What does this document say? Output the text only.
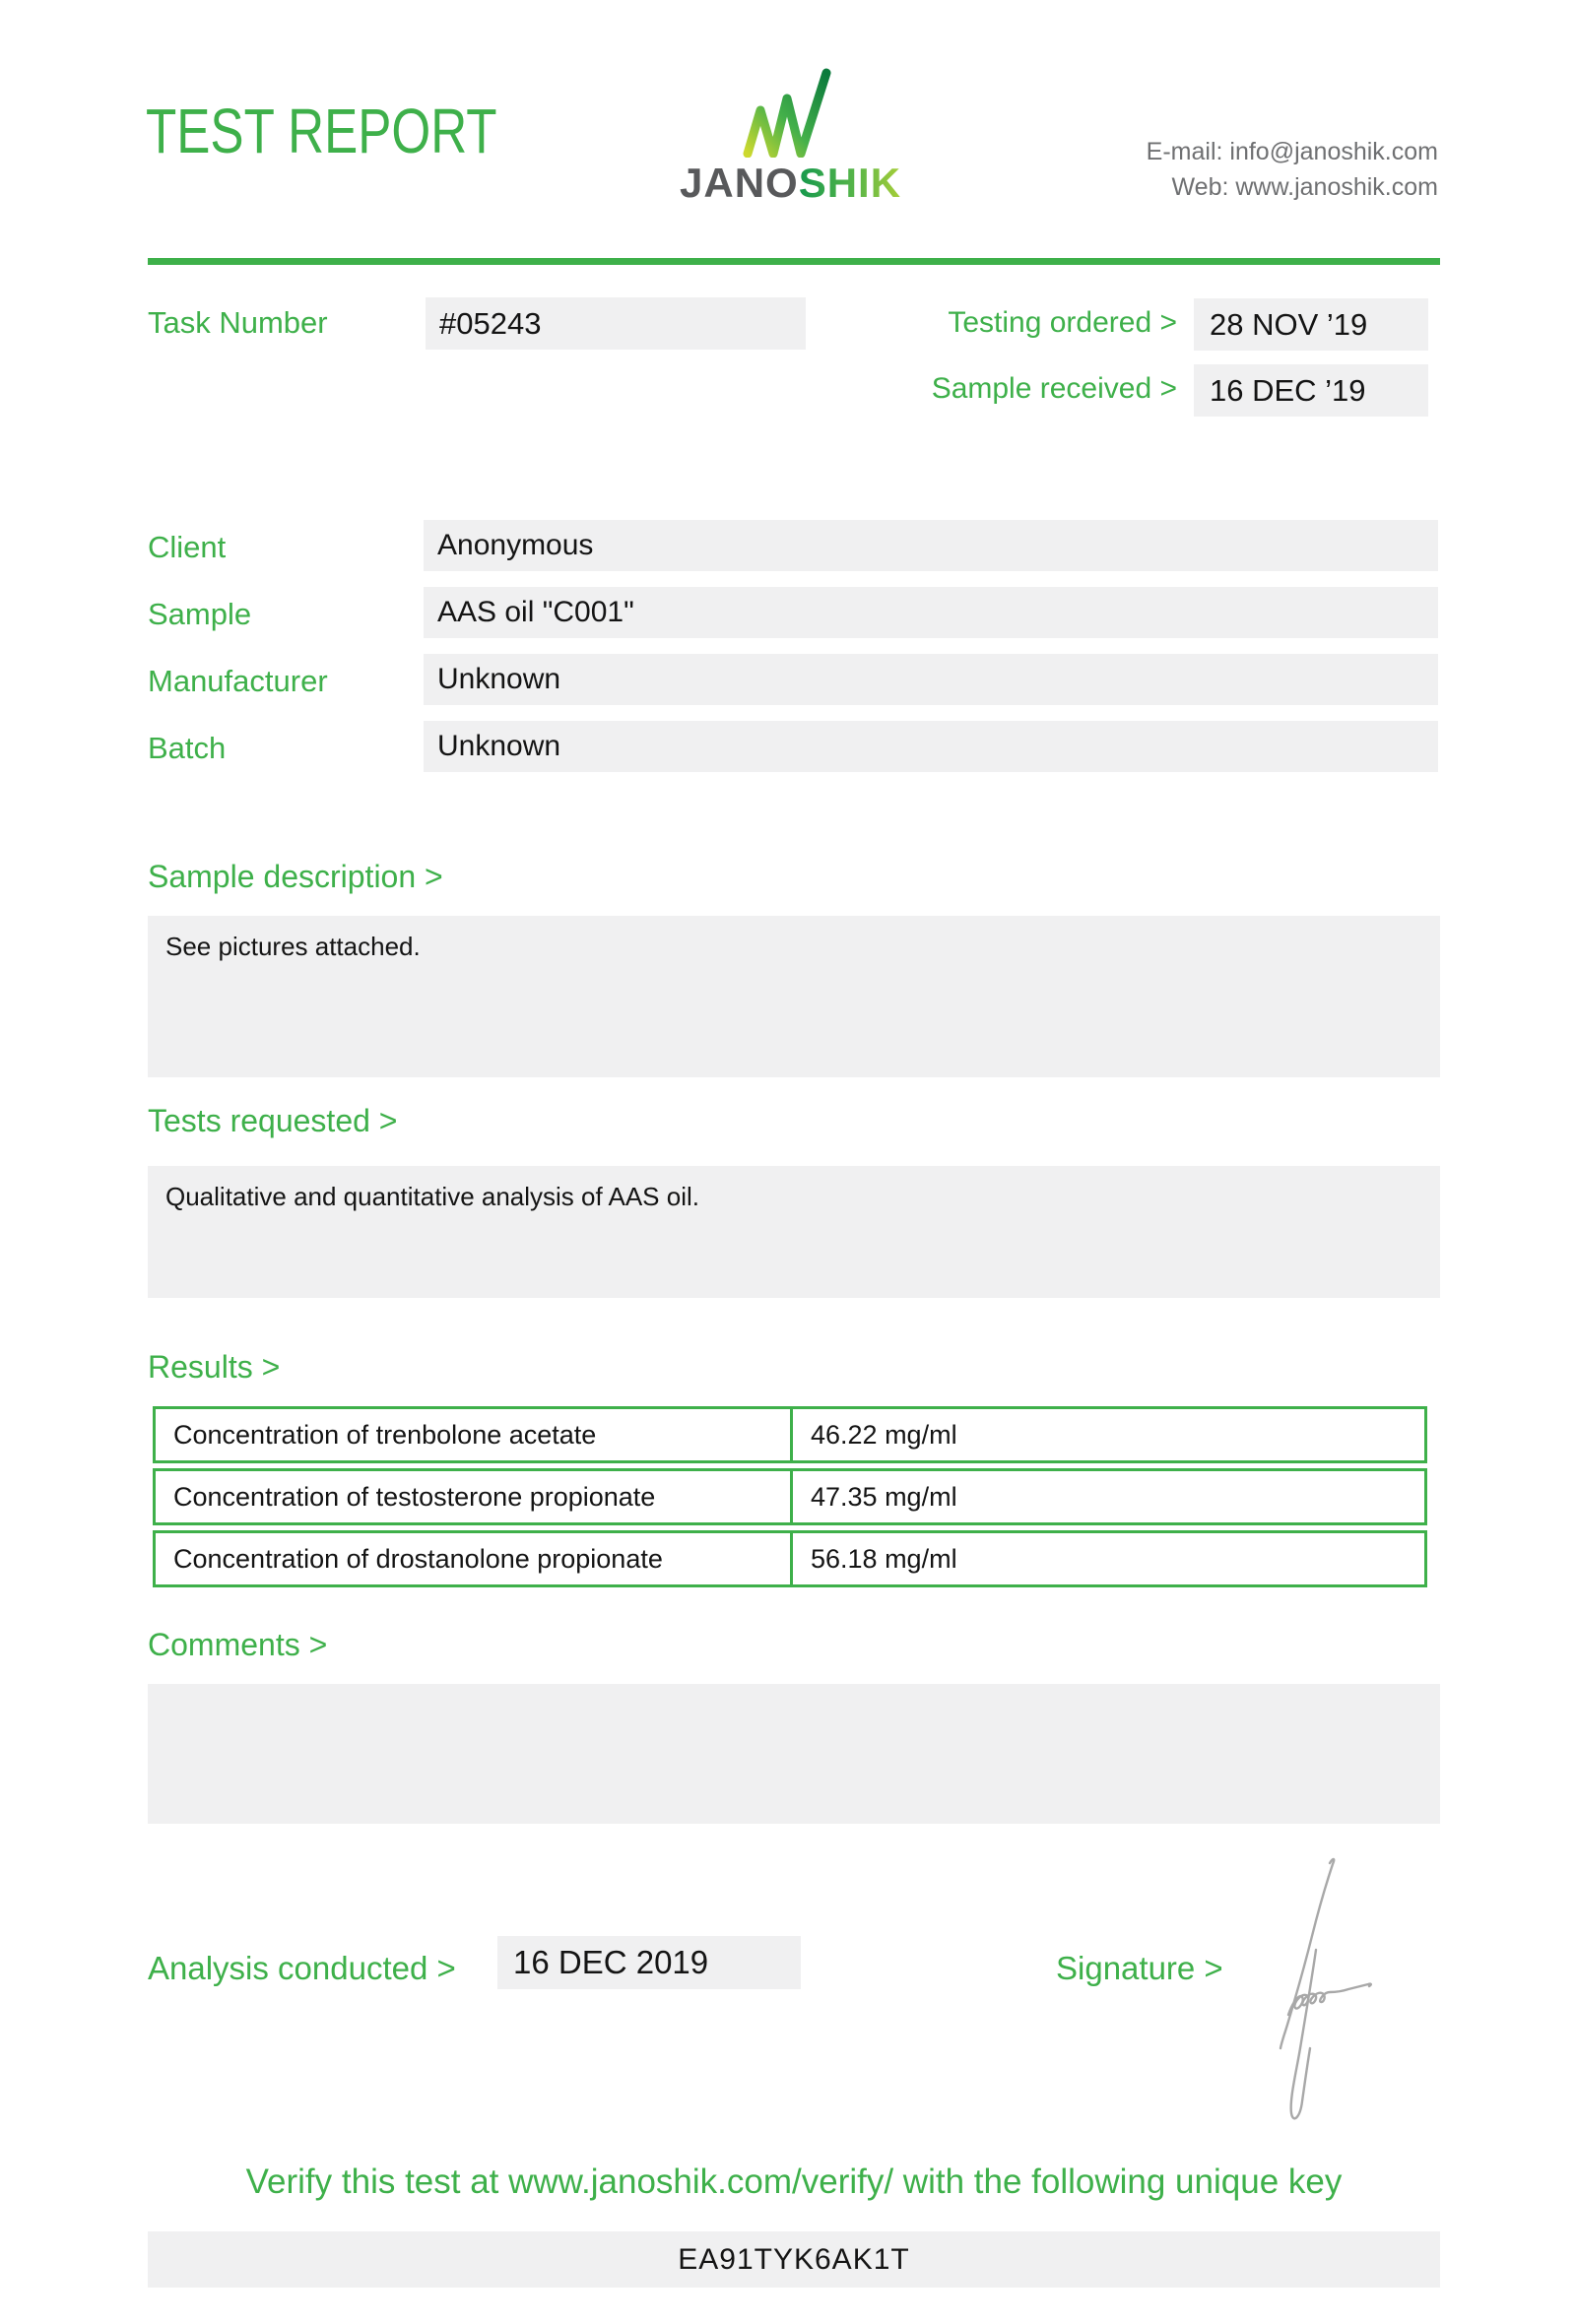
TEST REPORT
JANOSHIK
E-mail: info@janoshik.com
Web: www.janoshik.com
Task Number	#05243	Testing ordered >	28 NOV ’19
Sample received >	16 DEC ’19
Client	Anonymous
Sample	AAS oil "C001"
Manufacturer	Unknown
Batch	Unknown
Sample description >
See pictures attached.
Tests requested >
Qualitative and quantitative analysis of AAS oil.
Results >
Concentration of trenbolone acetate	46.22 mg/ml
Concentration of testosterone propionate	47.35 mg/ml
Concentration of drostanolone propionate	56.18 mg/ml
Comments >
Analysis conducted >	16 DEC 2019	Signature >
Verify this test at www.janoshik.com/verify/ with the following unique key
EA91TYK6AK1T
